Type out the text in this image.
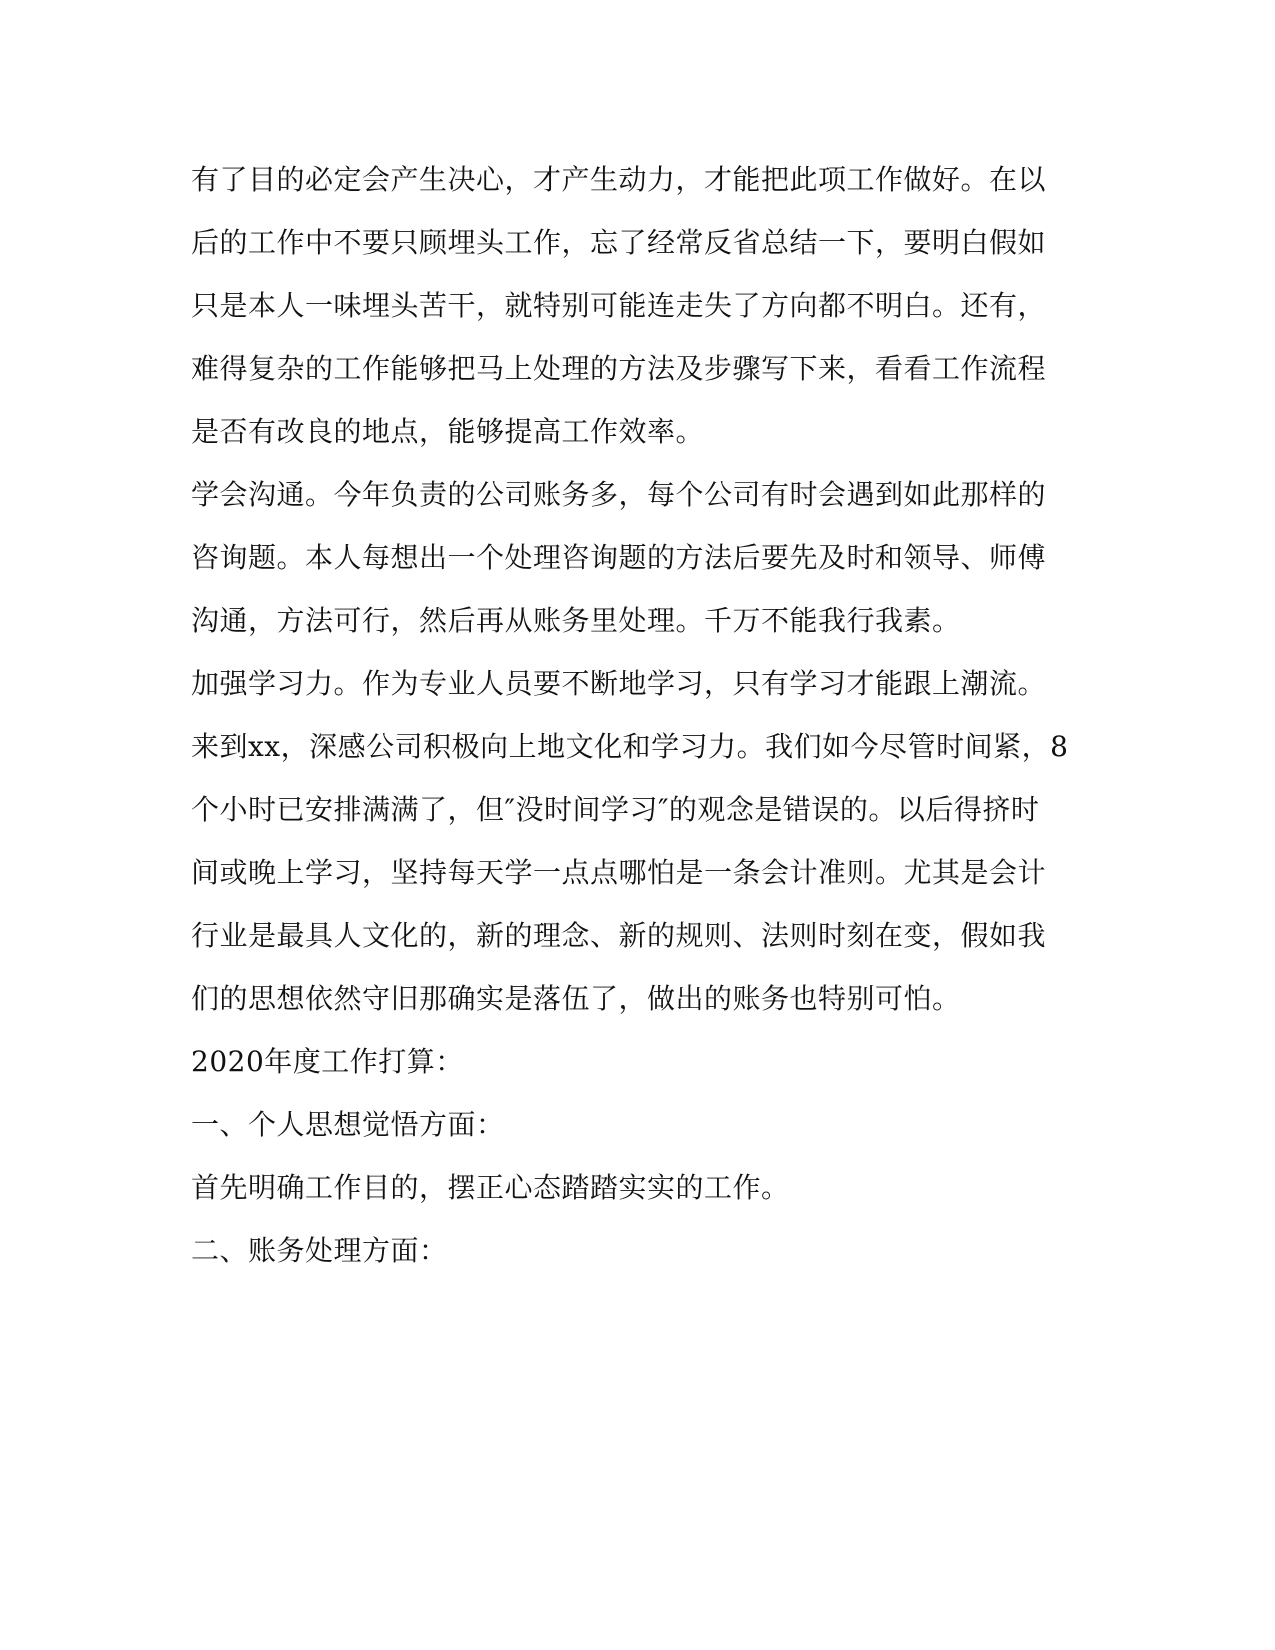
有了目的必定会产生决心，才产生动力，才能把此项工作做好。在以
后的工作中不要只顾埋头工作，忘了经常反省总结一下，要明白假如
只是本人一味埋头苦干，就特别可能连走失了方向都不明白。还有，
难得复杂的工作能够把马上处理的方法及步骤写下来，看看工作流程
是否有改良的地点，能够提高工作效率。
学会沟通。今年负责的公司账务多，每个公司有时会遇到如此那样的
咨询题。本人每想出一个处理咨询题的方法后要先及时和领导、师傅
沟通，方法可行，然后再从账务里处理。千万不能我行我素。
加强学习力。作为专业人员要不断地学习，只有学习才能跟上潮流。
来到xx，深感公司积极向上地文化和学习力。我们如今尽管时间紧，8
个小时已安排满满了，但″没时间学习″的观念是错误的。以后得挤时
间或晚上学习，坚持每天学一点点哪怕是一条会计准则。尤其是会计
行业是最具人文化的，新的理念、新的规则、法则时刻在变，假如我
们的思想依然守旧那确实是落伍了，做出的账务也特别可怕。
2020年度工作打算：
一、个人思想觉悟方面：
首先明确工作目的，摆正心态踏踏实实的工作。
二、账务处理方面：
